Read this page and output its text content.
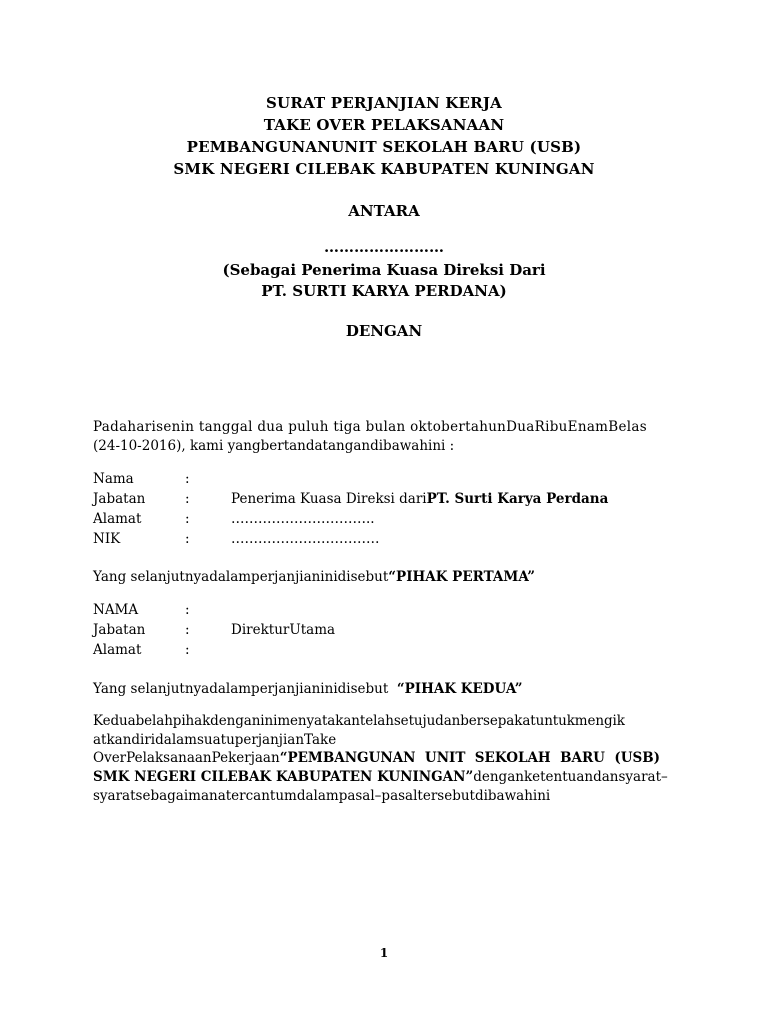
SURAT PERJANJIAN KERJA
TAKE OVER PELAKSANAAN
PEMBANGUNANUNIT SEKOLAH BARU (USB)
SMK NEGERI CILEBAK KABUPATEN KUNINGAN
ANTARA
……………………
(Sebagai Penerima Kuasa Direksi Dari
PT. SURTI KARYA PERDANA)
DENGAN
Padaharisenin tanggal dua puluh tiga bulan oktobertahunDuaRibuEnamBelas
(24-10-2016), kami yangbertandatangandibawahini :
Nama	:
Jabatan	:	Penerima Kuasa Direksi dariPT. Surti Karya Perdana
Alamat	:	…………………………..
NIK	:	……………………………
Yang selanjutnyadalamperjanjianinidisebut“PIHAK PERTAMA”
NAMA	:
Jabatan	:	DirekturUtama
Alamat	:
Yang selanjutnyadalamperjanjianinidisebut  “PIHAK KEDUA”
Keduabelahpihakdenganinimenyatakantelahsetujudanbersepakatuntukmengik
atkandiridalamsuatuperjanjianTake
OverPelaksanaanPekerjaan“PEMBANGUNAN  UNIT  SEKOLAH  BARU  (USB)
SMK NEGERI CILEBAK KABUPATEN KUNINGAN”denganketentuandansyarat–
syaratsebagaimanatercantumdalampasal–pasaltersebutdibawahini
1
